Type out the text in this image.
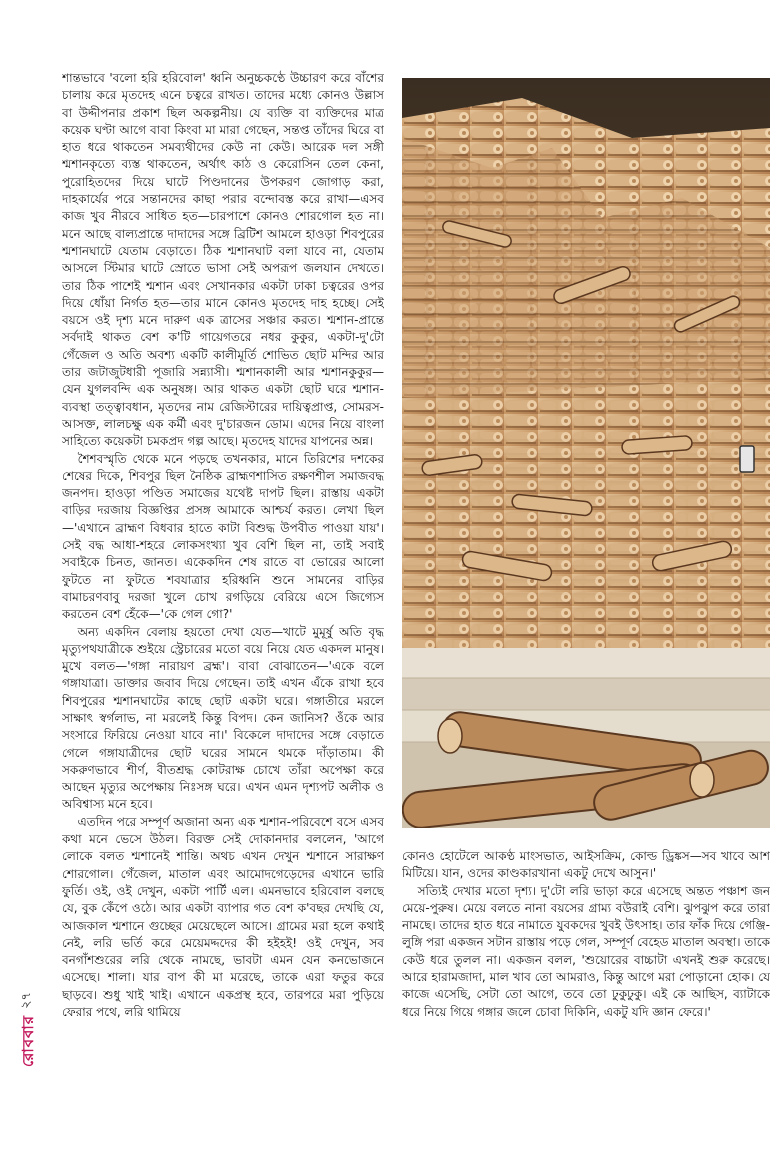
শান্তভাবে 'বলো হরি হরিবোল' ধ্বনি অনুচ্চকণ্ঠে উচ্চারণ করে বাঁশের চালায় করে মৃতদেহ এনে চত্বরে রাখত। তাদের মধ্যে কোনও উল্লাস বা উদ্দীপনার প্রকাশ ছিল অকল্পনীয়। যে ব্যক্তি বা ব্যক্তিদের মাত্র কয়েক ঘণ্টা আগে বাবা কিংবা মা মারা গেছেন, সন্তপ্ত তাঁদের ঘিরে বা হাত ধরে থাকতেন সমব্যথীদের কেউ না কেউ। আরেক দল সঙ্গী শ্মশানকৃত্যে ব্যস্ত থাকতেন, অর্থাৎ কাঠ ও কেরোসিন তেল কেনা, পুরোহিতদের দিয়ে ঘাটে পিণ্ডদানের উপকরণ জোগাড় করা, দাহকার্যের পরে সন্তানদের কাছা পরার বন্দোবস্ত করে রাখা—এসব কাজ খুব নীরবে সাধিত হত—চারপাশে কোনও শোরগোল হত না। মনে আছে বাল্যপ্রান্তে দাদাদের সঙ্গে ব্রিটিশ আমলে হাওড়া শিবপুরের শ্মশানঘাটে যেতাম বেড়াতে। ঠিক শ্মশানঘাট বলা যাবে না, যেতাম আসলে স্টিমার ঘাটে স্রোতে ভাসা সেই অপরূপ জলযান দেখতে। তার ঠিক পাশেই শ্মশান এবং সেখানকার একটা ঢাকা চত্বরের ওপর দিয়ে ধোঁয়া নির্গত হত—তার মানে কোনও মৃতদেহ দাহ হচ্ছে। সেই বয়সে ওই দৃশ্য মনে দারুণ এক ত্রাসের সঞ্চার করত। শ্মশান-প্রান্তে সর্বদাই থাকত বেশ ক'টি গায়েগতরে নধর কুকুর, একটা-দু'টো গেঁজেল ও অতি অবশ্য একটি কালীমূর্তি শোভিত ছোট মন্দির আর তার জটাজুটধারী পূজারি সন্ন্যাসী। শ্মশানকালী আর শ্মশানকুকুর—যেন যুগলবন্দি এক অনুষঙ্গ। আর থাকত একটা ছোট ঘরে শ্মশান-ব্যবস্থা তত্ত্বাবধান, মৃতদের নাম রেজিস্টারের দায়িত্বপ্রাপ্ত, সোমরস-আসক্ত, লালচক্ষু এক কর্মী এবং দু'চারজন ডোম। এদের নিয়ে বাংলা সাহিত্যে কয়েকটা চমকপ্রদ গল্প আছে। মৃতদেহ যাদের যাপনের অন্ন।

শৈশবস্মৃতি থেকে মনে পড়ছে তখনকার, মানে তিরিশের দশকের শেষের দিকে, শিবপুর ছিল নৈষ্ঠিক ব্রাহ্মণশাসিত রক্ষণশীল সমাজবদ্ধ জনপদ। হাওড়া পণ্ডিত সমাজের যথেষ্ট দাপট ছিল। রাস্তায় একটা বাড়ির দরজায় বিজ্ঞপ্তির প্রসঙ্গ আমাকে আশ্চর্য করত। লেখা ছিল—'এখানে ব্রাহ্মণ বিধবার হাতে কাটা বিশুদ্ধ উপবীত পাওয়া যায়'। সেই বদ্ধ আধা-শহরে লোকসংখ্যা খুব বেশি ছিল না, তাই সবাই সবাইকে চিনত, জানত। একেকদিন শেষ রাতে বা ভোরের আলো ফুটতে না ফুটতে শবযাত্রার হরিধ্বনি শুনে সামনের বাড়ির বামাচরণবাবু দরজা খুলে চোখ রগড়িয়ে বেরিয়ে এসে জিগ্যেস করতেন বেশ হেঁকে—'কে গেল গো?'

অন্য একদিন বেলায় হয়তো দেখা যেত—খাটে মুমূর্ষু অতি বৃদ্ধ মৃত্যুপথযাত্রীকে শুইয়ে স্ট্রেচারের মতো বয়ে নিয়ে যেত একদল মানুষ। মুখে বলত—'গঙ্গা নারায়ণ ব্রহ্ম'। বাবা বোঝাতেন—'একে বলে গঙ্গাযাত্রা। ডাক্তার জবাব দিয়ে গেছেন। তাই এখন এঁকে রাখা হবে শিবপুরের শ্মশানঘাটের কাছে ছোট একটা ঘরে। গঙ্গাতীরে মরলে সাক্ষাৎ স্বর্গলাভ, না মরলেই কিন্তু বিপদ। কেন জানিস? ওঁকে আর সংসারে ফিরিয়ে নেওয়া যাবে না।' বিকেলে দাদাদের সঙ্গে বেড়াতে গেলে গঙ্গাযাত্রীদের ছোট ঘরের সামনে থমকে দাঁড়াতাম। কী সকরুণভাবে শীর্ণ, বীতশ্রদ্ধ কোটরাক্ষ চোখে তাঁরা অপেক্ষা করে আছেন মৃত্যুর অপেক্ষায় নিঃসঙ্গ ঘরে। এখন এমন দৃশ্যপট অলীক ও অবিশ্বাস্য মনে হবে।

এতদিন পরে সম্পূর্ণ অজানা অন্য এক শ্মশান-পরিবেশে বসে এসব কথা মনে ভেসে উঠল। বিরক্ত সেই দোকানদার বললেন, 'আগে লোকে বলত শ্মশানেই শান্তি। অথচ এখন দেখুন শ্মশানে সারাক্ষণ শোরগোল। গেঁজেল, মাতাল এবং আমোদগেড়েদের এখানে ভারি ফুর্তি। ওই, ওই দেখুন, একটা পার্টি এল। এমনভাবে হরিবোল বলছে যে, বুক কেঁপে ওঠে। আর একটা ব্যাপার গত বেশ ক'বছর দেখছি যে, আজকাল শ্মশানে গুচ্ছের মেয়েছেলে আসে। গ্রামের মরা হলে কথাই নেই, লরি ভর্তি করে মেয়েমদ্দদের কী হইহই! ওই দেখুন, সব বনগাঁশশুরের লরি থেকে নামছে, ভাবটা এমন যেন কনভোজনে এসেছে। শালা। যার বাপ কী মা মরেছে, তাকে এরা ফতুর করে ছাড়বে। শুধু খাই খাই। এখানে একপ্রস্থ হবে, তারপরে মরা পুড়িয়ে ফেরার পথে, লরি থামিয়ে

কোনও হোটেলে আকণ্ঠ মাংসভাত, আইসক্রিম, কোল্ড ড্রিঙ্কস—সব খাবে আশ মিটিয়ে। যান, ওদের কাণ্ডকারখানা একটু দেখে আসুন।'

সত্যিই দেখার মতো দৃশ্য। দু'টো লরি ভাড়া করে এসেছে অন্তত পঞ্চাশ জন মেয়ে-পুরুষ। মেয়ে বলতে নানা বয়সের গ্রাম্য বউরাই বেশি। ঝুপঝুপ করে তারা নামছে। তাদের হাত ধরে নামাতে যুবকদের খুবই উৎসাহ। তার ফাঁক দিয়ে গেঞ্জি-লুঙ্গি পরা একজন সটান রাস্তায় পড়ে গেল, সম্পূর্ণ বেহেড মাতাল অবস্থা। তাকে কেউ ধরে তুলল না। একজন বলল, 'শুয়োরের বাচ্চাটা এখনই শুরু করেছে। আরে হারামজাদা, মাল খাব তো আমরাও, কিন্তু আগে মরা পোড়ানো হোক। যে কাজে এসেছি, সেটা তো আগে, তবে তো ঢুকুঢুকু। এই কে আছিস, ব্যাটাকে ধরে নিয়ে গিয়ে গঙ্গার জলে চোবা দিকিনি, একটু যদি জ্ঞান ফেরে।'

২৭
রোববার
